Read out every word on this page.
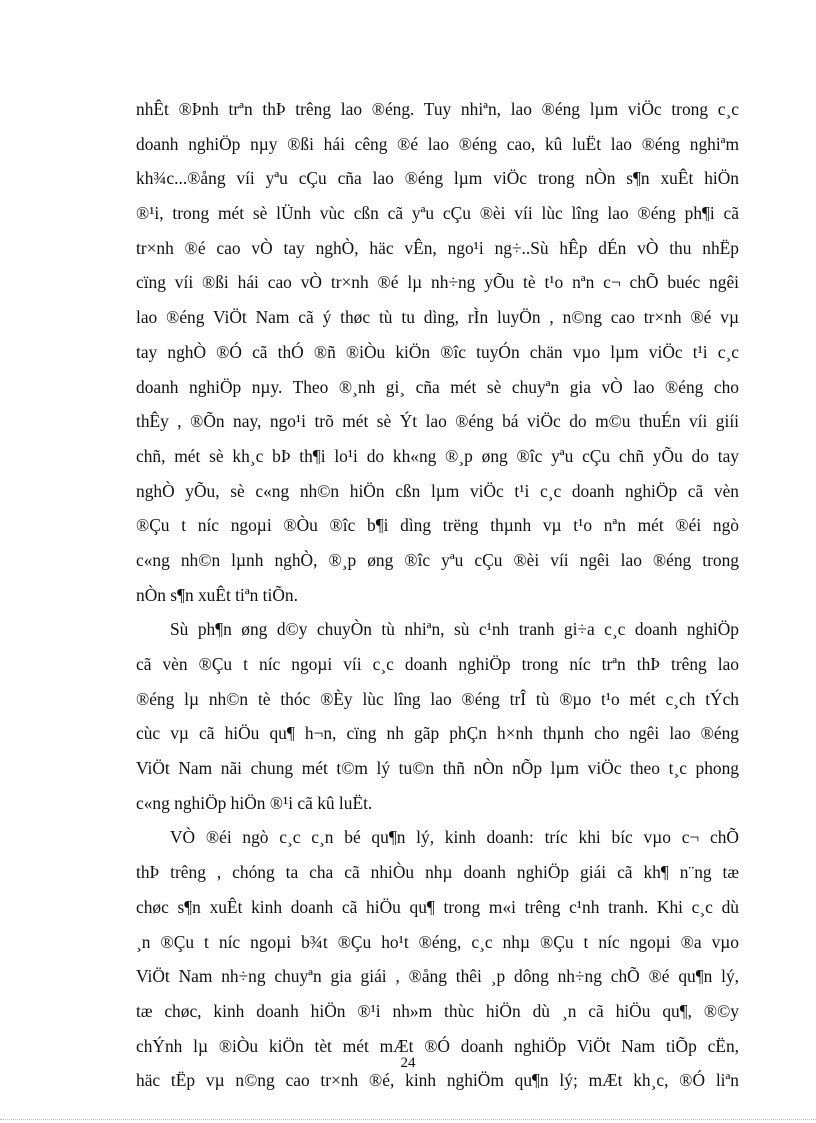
nhÊt ®Þnh trªn thÞ trêng lao ®éng. Tuy nhiªn, lao ®éng lµm viÖc trong c¸c
doanh nghiÖp nµy ®ßi hái cêng ®é lao ®éng cao, kû luËt lao ®éng nghiªm
kh¾c...®ång víi yªu cÇu cña lao ®éng lµm viÖc trong nÒn s¶n xuÊt hiÖn
®¹i, trong mét sè lÜnh vùc cßn cã yªu cÇu ®èi víi lùc lîng lao ®éng ph¶i cã
tr×nh ®é cao vÒ tay nghÒ, häc vÊn, ngo¹i ng÷..Sù hÊp dÉn vÒ thu nhËp
cïng víi ®ßi hái cao vÒ tr×nh ®é lµ nh÷ng yÕu tè t¹o nªn c¬ chÕ buéc ngêi
lao ®éng ViÖt Nam cã ý thøc tù tu dìng, rÌn luyÖn , n©ng cao tr×nh ®é vµ
tay nghÒ ®Ó cã thÓ ®ñ ®iÒu kiÖn ®îc tuyÓn chän vµo lµm viÖc t¹i c¸c
doanh nghiÖp nµy. Theo ®¸nh gi¸ cña mét sè chuyªn gia vÒ lao ®éng cho
thÊy , ®Õn nay, ngo¹i trõ mét sè Ýt lao ®éng bá viÖc do m©u thuÉn víi giíi
chñ, mét sè kh¸c bÞ th¶i lo¹i do kh«ng ®¸p øng ®îc yªu cÇu chñ yÕu do tay
nghÒ yÕu, sè c«ng nh©n hiÖn cßn lµm viÖc t¹i c¸c doanh nghiÖp cã vèn
®Çu t níc ngoµi ®Òu ®îc b¶i dìng trëng thµnh vµ t¹o nªn mét ®éi ngò
c«ng nh©n lµnh nghÒ, ®¸p øng ®îc yªu cÇu ®èi víi ngêi lao ®éng trong
nÒn s¶n xuÊt tiªn tiÕn.
Sù ph¶n øng d©y chuyÒn tù nhiªn, sù c¹nh tranh gi÷a c¸c doanh nghiÖp
cã vèn ®Çu t níc ngoµi víi c¸c doanh nghiÖp trong níc trªn thÞ trêng lao
®éng lµ nh©n tè thóc ®Èy lùc lîng lao ®éng trÎ tù ®µo t¹o mét c¸ch tÝch
cùc vµ cã hiÖu qu¶ h¬n, cïng nh gãp phÇn h×nh thµnh cho ngêi lao ®éng
ViÖt Nam nãi chung mét t©m lý tu©n thñ nÒn nÕp lµm viÖc theo t¸c phong
c«ng nghiÖp hiÖn ®¹i cã kû luËt.
VÒ ®éi ngò c¸c c¸n bé qu¶n lý, kinh doanh: tríc khi bíc vµo c¬ chÕ
thÞ trêng , chóng ta cha cã nhiÒu nhµ doanh nghiÖp giái cã kh¶ n¨ng tæ
chøc s¶n xuÊt kinh doanh cã hiÖu qu¶ trong m«i trêng c¹nh tranh. Khi c¸c dù
¸n ®Çu t níc ngoµi b¾t ®Çu ho¹t ®éng, c¸c nhµ ®Çu t níc ngoµi ®a vµo
ViÖt Nam nh÷ng chuyªn gia giái , ®ång thêi ¸p dông nh÷ng chÕ ®é qu¶n lý,
tæ chøc, kinh doanh hiÖn ®¹i nh»m thùc hiÖn dù ¸n cã hiÖu qu¶, ®©y
chÝnh lµ ®iÒu kiÖn tèt mét mÆt ®Ó doanh nghiÖp ViÖt Nam tiÕp cËn,
häc tËp vµ n©ng cao tr×nh ®é, kinh nghiÖm qu¶n lý; mÆt kh¸c, ®Ó liªn
24
